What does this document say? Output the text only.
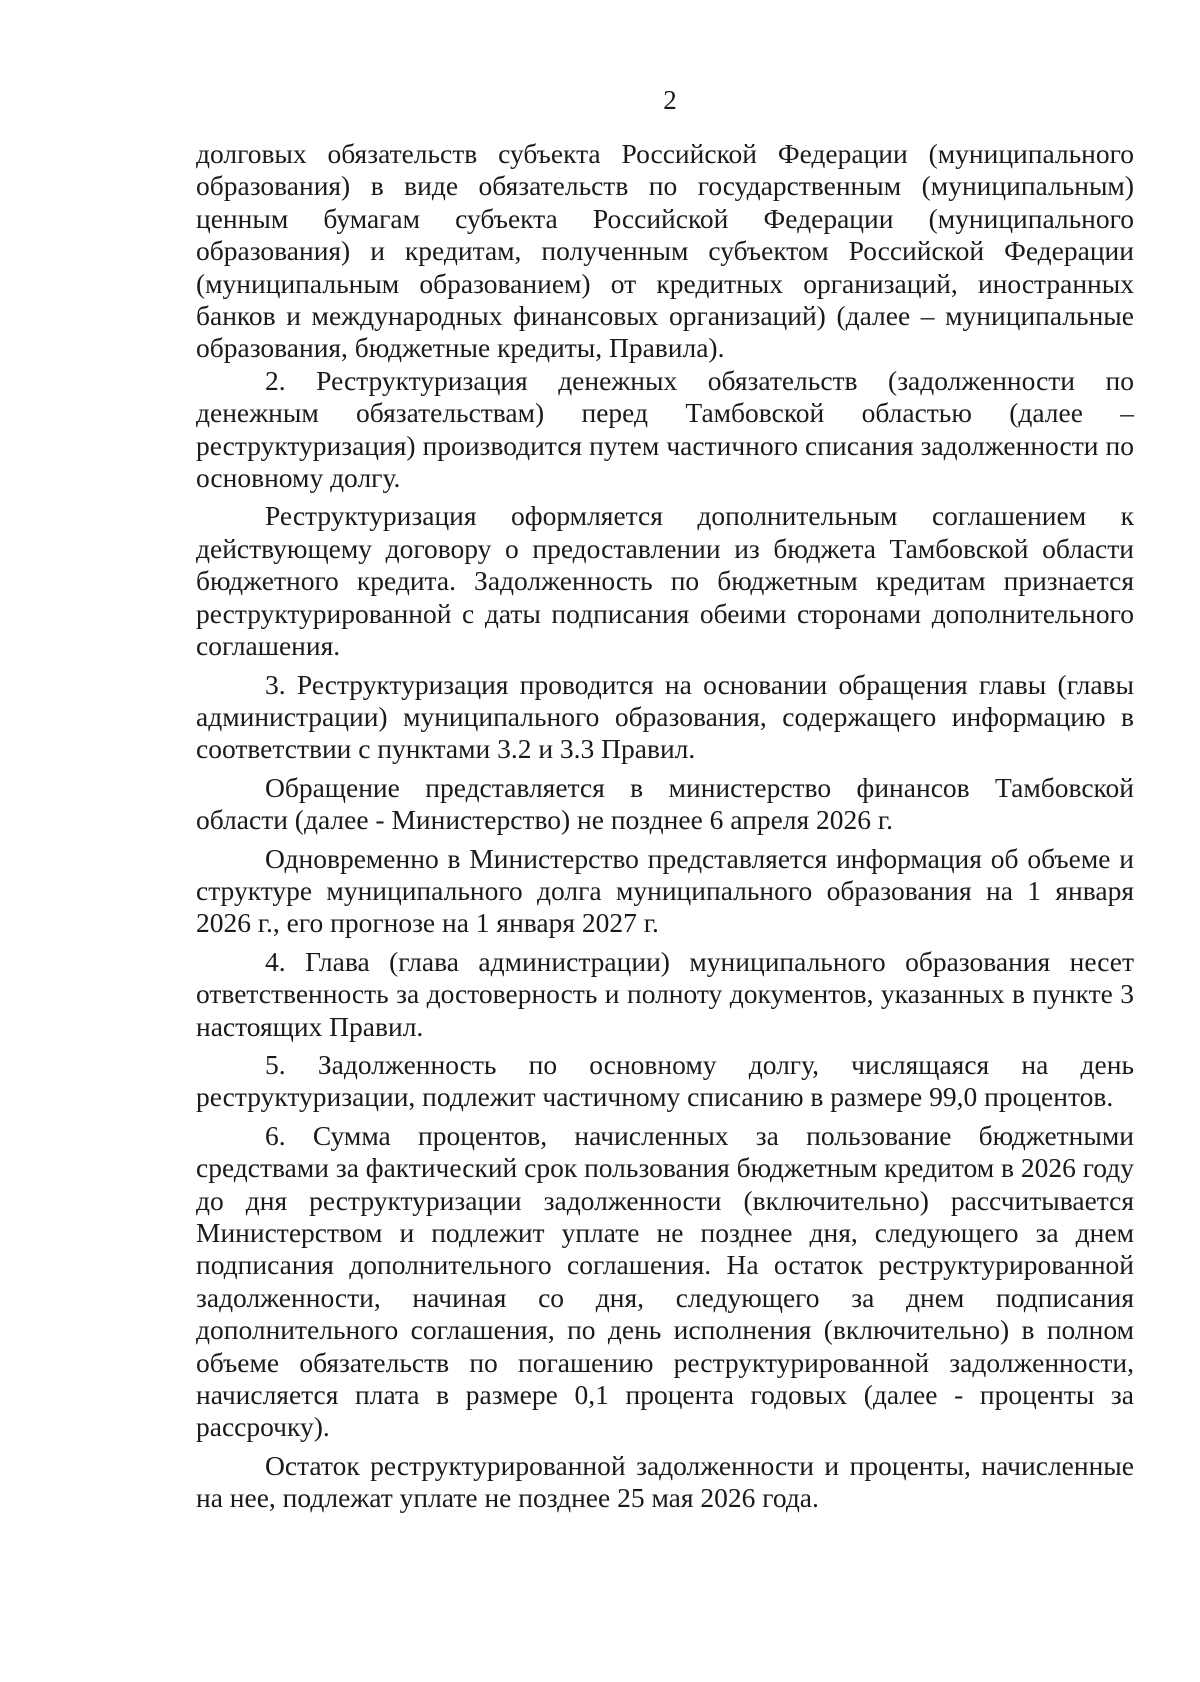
2

долговых обязательств субъекта Российской Федерации (муниципального образования) в виде обязательств по государственным (муниципальным) ценным бумагам субъекта Российской Федерации (муниципального образования) и кредитам, полученным субъектом Российской Федерации (муниципальным образованием) от кредитных организаций, иностранных банков и международных финансовых организаций) (далее – муниципальные образования, бюджетные кредиты, Правила).

2. Реструктуризация денежных обязательств (задолженности по денежным обязательствам) перед Тамбовской областью (далее – реструктуризация) производится путем частичного списания задолженности по основному долгу.

Реструктуризация оформляется дополнительным соглашением к действующему договору о предоставлении из бюджета Тамбовской области бюджетного кредита. Задолженность по бюджетным кредитам признается реструктурированной с даты подписания обеими сторонами дополнительного соглашения.

3. Реструктуризация проводится на основании обращения главы (главы администрации) муниципального образования, содержащего информацию в соответствии с пунктами 3.2 и 3.3 Правил.

Обращение представляется в министерство финансов Тамбовской области (далее - Министерство) не позднее 6 апреля 2026 г.

Одновременно в Министерство представляется информация об объеме и структуре муниципального долга муниципального образования на 1 января 2026 г., его прогнозе на 1 января 2027 г.

4. Глава (глава администрации) муниципального образования несет ответственность за достоверность и полноту документов, указанных в пункте 3 настоящих Правил.

5. Задолженность по основному долгу, числящаяся на день реструктуризации, подлежит частичному списанию в размере 99,0 процентов.

6. Сумма процентов, начисленных за пользование бюджетными средствами за фактический срок пользования бюджетным кредитом в 2026 году до дня реструктуризации задолженности (включительно) рассчитывается Министерством и подлежит уплате не позднее дня, следующего за днем подписания дополнительного соглашения. На остаток реструктурированной задолженности, начиная со дня, следующего за днем подписания дополнительного соглашения, по день исполнения (включительно) в полном объеме обязательств по погашению реструктурированной задолженности, начисляется плата в размере 0,1 процента годовых (далее - проценты за рассрочку).

Остаток реструктурированной задолженности и проценты, начисленные на нее, подлежат уплате не позднее 25 мая 2026 года.
